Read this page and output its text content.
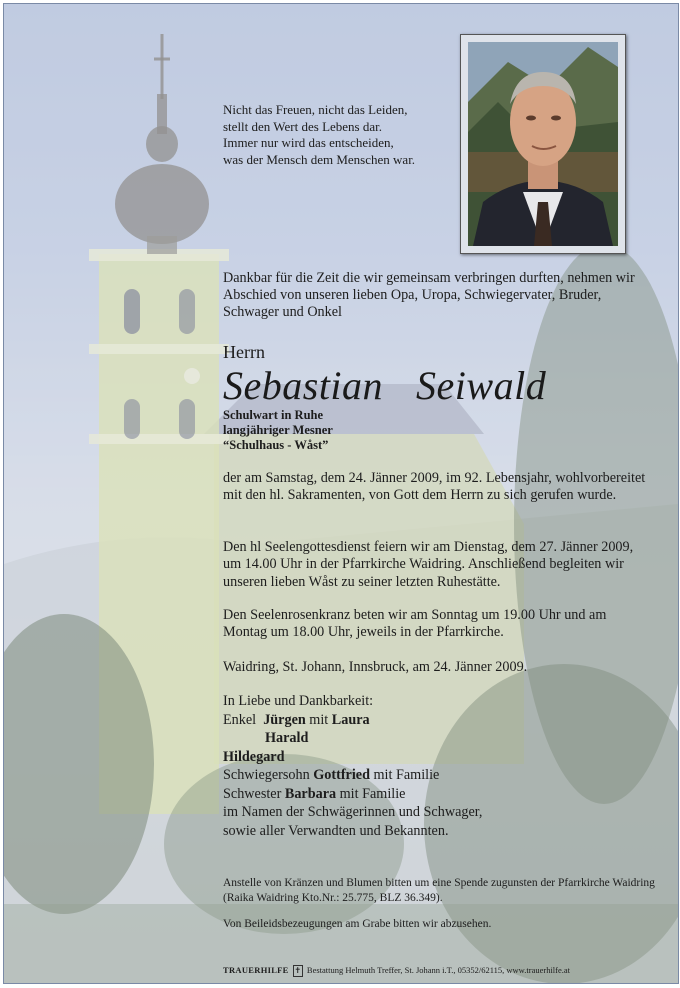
Nicht das Freuen, nicht das Leiden,
stellt den Wert des Lebens dar.
Immer nur wird das entscheiden,
was der Mensch dem Menschen war.
Dankbar für die Zeit die wir gemeinsam verbringen durften, nehmen wir Abschied von unseren lieben Opa, Uropa, Schwiegervater, Bruder, Schwager und Onkel
Herrn
Sebastian  Seiwald
Schulwart in Ruhe
langjähriger Mesner
“Schulhaus - Wåst”
der am Samstag, dem 24. Jänner 2009, im 92. Lebensjahr, wohlvorbereitet mit den hl. Sakramenten, von Gott dem Herrn zu sich gerufen wurde.
Den hl Seelengottesdienst feiern wir am Dienstag, dem 27. Jänner 2009, um 14.00 Uhr in der Pfarrkirche Waidring. Anschließend begleiten wir unseren lieben Wåst zu seiner letzten Ruhestätte.
Den Seelenrosenkranz beten wir am Sonntag um 19.00 Uhr und am Montag um 18.00 Uhr, jeweils in der Pfarrkirche.
Waidring, St. Johann, Innsbruck, am 24. Jänner 2009.
In Liebe und Dankbarkeit:
Enkel Jürgen mit Laura
Harald
Hildegard
Schwiegersohn Gottfried mit Familie
Schwester Barbara mit Familie
im Namen der Schwägerinnen und Schwager,
sowie aller Verwandten und Bekannten.
Anstelle von Kränzen und Blumen bitten um eine Spende zugunsten der Pfarrkirche Waidring (Raika Waidring Kto.Nr.: 25.775, BLZ 36.349).
Von Beileidsbezeugungen am Grabe bitten wir abzusehen.
TRAUERHILFE ✝ Bestattung Helmuth Treffer, St. Johann i.T., 05352/62115, www.trauerhilfe.at
